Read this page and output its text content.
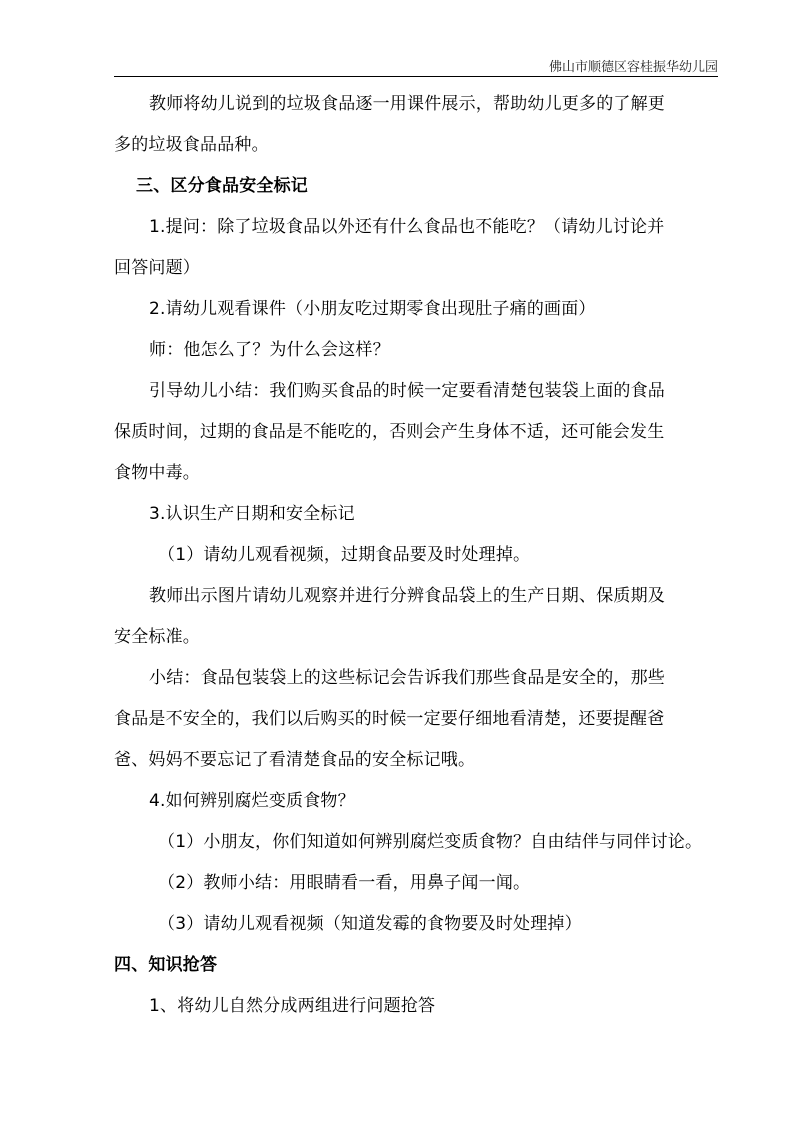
佛山市顺德区容桂振华幼儿园

教师将幼儿说到的垃圾食品逐一用课件展示，帮助幼儿更多的了解更

多的垃圾食品品种。

三、区分食品安全标记

1.提问：除了垃圾食品以外还有什么食品也不能吃？（请幼儿讨论并

回答问题）

2.请幼儿观看课件（小朋友吃过期零食出现肚子痛的画面）

师：他怎么了？为什么会这样？

引导幼儿小结：我们购买食品的时候一定要看清楚包装袋上面的食品

保质时间，过期的食品是不能吃的，否则会产生身体不适，还可能会发生

食物中毒。

3.认识生产日期和安全标记

（1）请幼儿观看视频，过期食品要及时处理掉。

教师出示图片请幼儿观察并进行分辨食品袋上的生产日期、保质期及

安全标准。

小结：食品包装袋上的这些标记会告诉我们那些食品是安全的，那些

食品是不安全的，我们以后购买的时候一定要仔细地看清楚，还要提醒爸

爸、妈妈不要忘记了看清楚食品的安全标记哦。

4.如何辨别腐烂变质食物？

（1）小朋友，你们知道如何辨别腐烂变质食物？自由结伴与同伴讨论。

（2）教师小结：用眼睛看一看，用鼻子闻一闻。

（3）请幼儿观看视频（知道发霉的食物要及时处理掉）

四、知识抢答

1、将幼儿自然分成两组进行问题抢答
